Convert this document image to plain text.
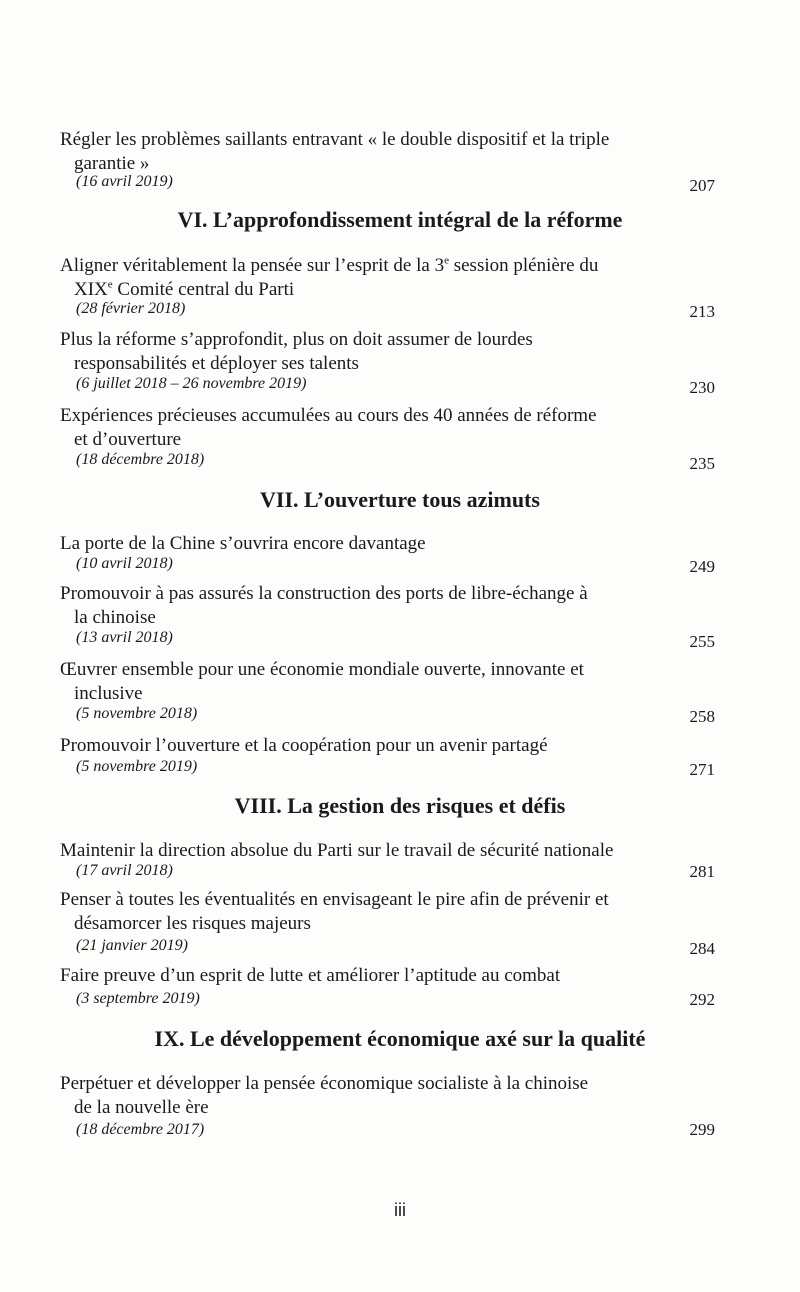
Régler les problèmes saillants entravant « le double dispositif et la triple
garantie »
(16 avril 2019)	207
VI. L’approfondissement intégral de la réforme
Aligner véritablement la pensée sur l’esprit de la 3e session plénière du
XIXe Comité central du Parti
(28 février 2018)	213
Plus la réforme s’approfondit, plus on doit assumer de lourdes
responsabilités et déployer ses talents
(6 juillet 2018 – 26 novembre 2019)	230
Expériences précieuses accumulées au cours des 40 années de réforme
et d’ouverture
(18 décembre 2018)	235
VII. L’ouverture tous azimuts
La porte de la Chine s’ouvrira encore davantage
(10 avril 2018)	249
Promouvoir à pas assurés la construction des ports de libre-échange à
la chinoise
(13 avril 2018)	255
Œuvrer ensemble pour une économie mondiale ouverte, innovante et
inclusive
(5 novembre 2018)	258
Promouvoir l’ouverture et la coopération pour un avenir partagé
(5 novembre 2019)	271
VIII. La gestion des risques et défis
Maintenir la direction absolue du Parti sur le travail de sécurité nationale
(17 avril 2018)	281
Penser à toutes les éventualités en envisageant le pire afin de prévenir et
désamorcer les risques majeurs
(21 janvier 2019)	284
Faire preuve d’un esprit de lutte et améliorer l’aptitude au combat
(3 septembre 2019)	292
IX. Le développement économique axé sur la qualité
Perpétuer et développer la pensée économique socialiste à la chinoise
de la nouvelle ère
(18 décembre 2017)	299
iii
